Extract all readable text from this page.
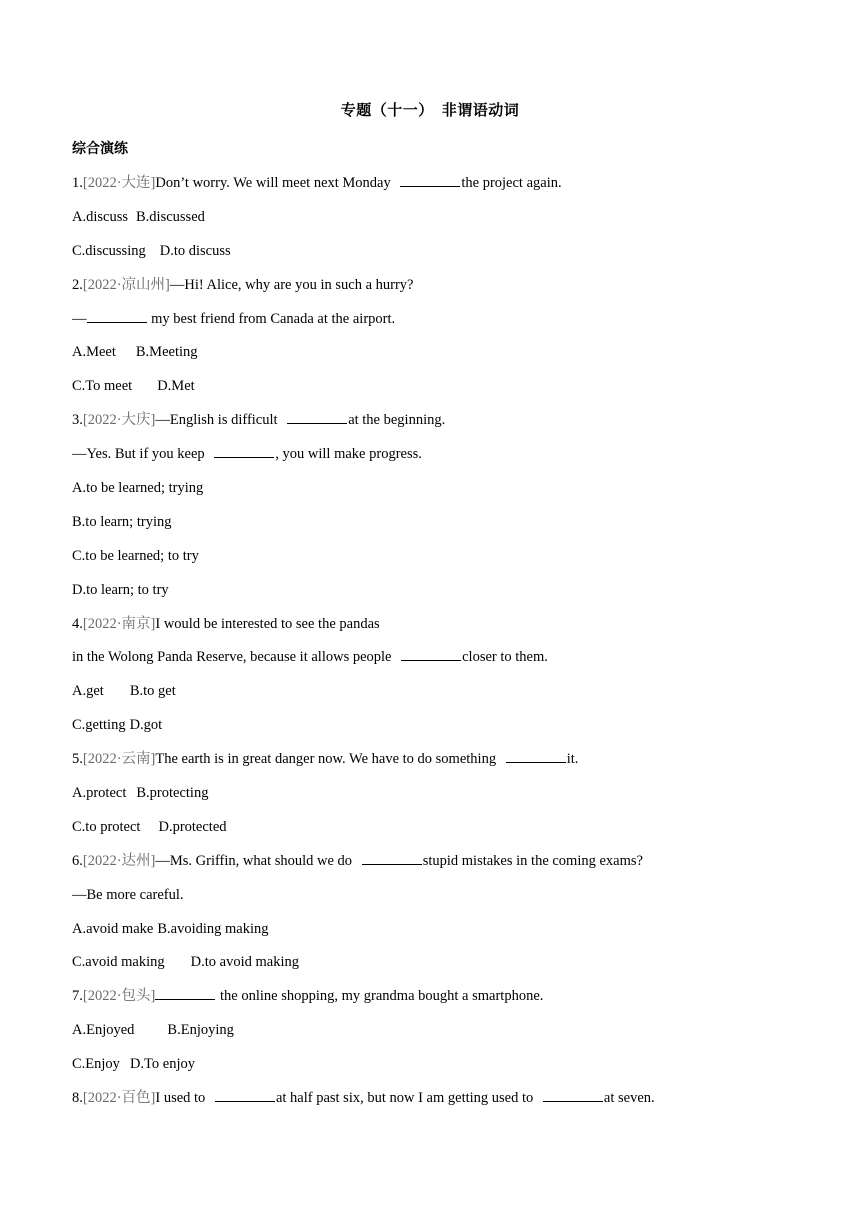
专题（十一）　非谓语动词
综合演练
1.[2022·大连]Don’t worry. We will meet next Monday	the project again.
A.discuss B.discussed
C.discussing D.to discuss
2.[2022·凉山州]—Hi! Alice, why are you in such a hurry?
—	my best friend from Canada at the airport.
A.Meet B.Meeting
C.To meet D.Met
3.[2022·大庆]—English is difficult	at the beginning.
—Yes. But if you keep	, you will make progress.
A.to be learned; trying
B.to learn; trying
C.to be learned; to try
D.to learn; to try
4.[2022·南京]I would be interested to see the pandas
in the Wolong Panda Reserve, because it allows people	closer to them.
A.get B.to get
C.getting D.got
5.[2022·云南]The earth is in great danger now. We have to do something	it.
A.protect B.protecting
C.to protect D.protected
6.[2022·达州]—Ms. Griffin, what should we do	stupid mistakes in the coming exams?
—Be more careful.
A.avoid make B.avoiding making
C.avoid making D.to avoid making
7.[2022·包头]	the online shopping, my grandma bought a smartphone.
A.Enjoyed B.Enjoying
C.Enjoy D.To enjoy
8.[2022·百色]I used to	at half past six, but now I am getting used to	at seven.
